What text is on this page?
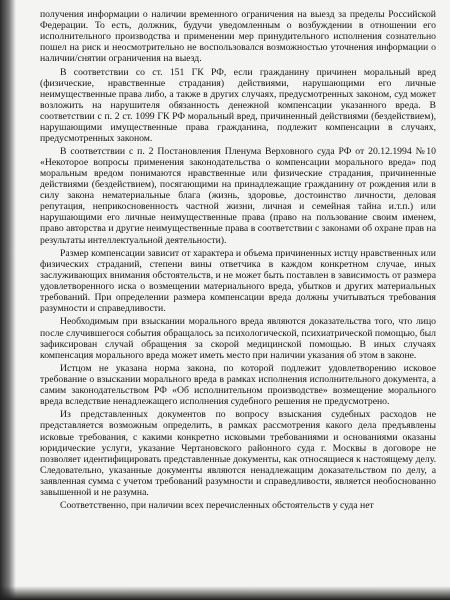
получения информации о наличии временного ограничения на выезд за пределы Российской Федерации. То есть, должник, будучи уведомленным о возбуждении в отношении его исполнительного производства и применении мер принудительного исполнения сознательно пошел на риск и неосмотрительно не воспользовался возможностью уточнения информации о наличии/снятии ограничения на выезд.

В соответствии со ст. 151 ГК РФ, если гражданину причинен моральный вред (физические, нравственные страдания) действиями, нарушающими его личные неимущественные права либо, а также в других случаях, предусмотренных законом, суд может возложить на нарушителя обязанность денежной компенсации указанного вреда. В соответствии с п. 2 ст. 1099 ГК РФ моральный вред, причиненный действиями (бездействием), нарушающими имущественные права гражданина, подлежит компенсации в случаях, предусмотренных законом.

В соответствии с п. 2 Постановления Пленума Верховного суда РФ от 20.12.1994 №10 «Некоторое вопросы применения законодательства о компенсации морального вреда» под моральным вредом понимаются нравственные или физические страдания, причиненные действиями (бездействием), посягающими на принадлежащие гражданину от рождения или в силу закона нематериальные блага (жизнь, здоровье, достоинство личности, деловая репутация, неприкосновенность частной жизни, личная и семейная тайна и.т.п.) или нарушающими его личные неимущественные права (право на пользование своим именем, право авторства и другие неимущественные права в соответствии с законами об охране прав на результаты интеллектуальной деятельности).

Размер компенсации зависит от характера и объема причиненных истцу нравственных или физических страданий, степени вины ответчика в каждом конкретном случае, иных заслуживающих внимания обстоятельств, и не может быть поставлен в зависимость от размера удовлетворенного иска о возмещении материального вреда, убытков и других материальных требований. При определении размера компенсации вреда должны учитываться требования разумности и справедливости.

Необходимым при взыскании морального вреда являются доказательства того, что лицо после случившегося события обращалось за психологической, психиатрической помощью, был зафиксирован случай обращения за скорой медицинской помощью. В иных случаях компенсация морального вреда может иметь место при наличии указания об этом в законе.

Истцом не указана норма закона, по которой подлежит удовлетворению исковое требование о взыскании морального вреда в рамках исполнения исполнительного документа, а самим законодательством РФ «Об исполнительном производстве» возмещение морального вреда вследствие ненадлежащего исполнения судебного решения не предусмотрено.

Из представленных документов по вопросу взыскания судебных расходов не представляется возможным определить, в рамках рассмотрения какого дела предъявлены исковые требования, с какими конкретно исковыми требованиями и основаниями оказаны юридические услуги, указание Чертановского районного суда г. Москвы в договоре не позволяет идентифицировать представленные документы, как относящиеся к настоящему делу. Следовательно, указанные документы являются ненадлежащим доказательством по делу, а заявленная сумма с учетом требований разумности и справедливости, является необоснованно завышенной и не разумна.

Соответственно, при наличии всех перечисленных обстоятельств у суда нет
